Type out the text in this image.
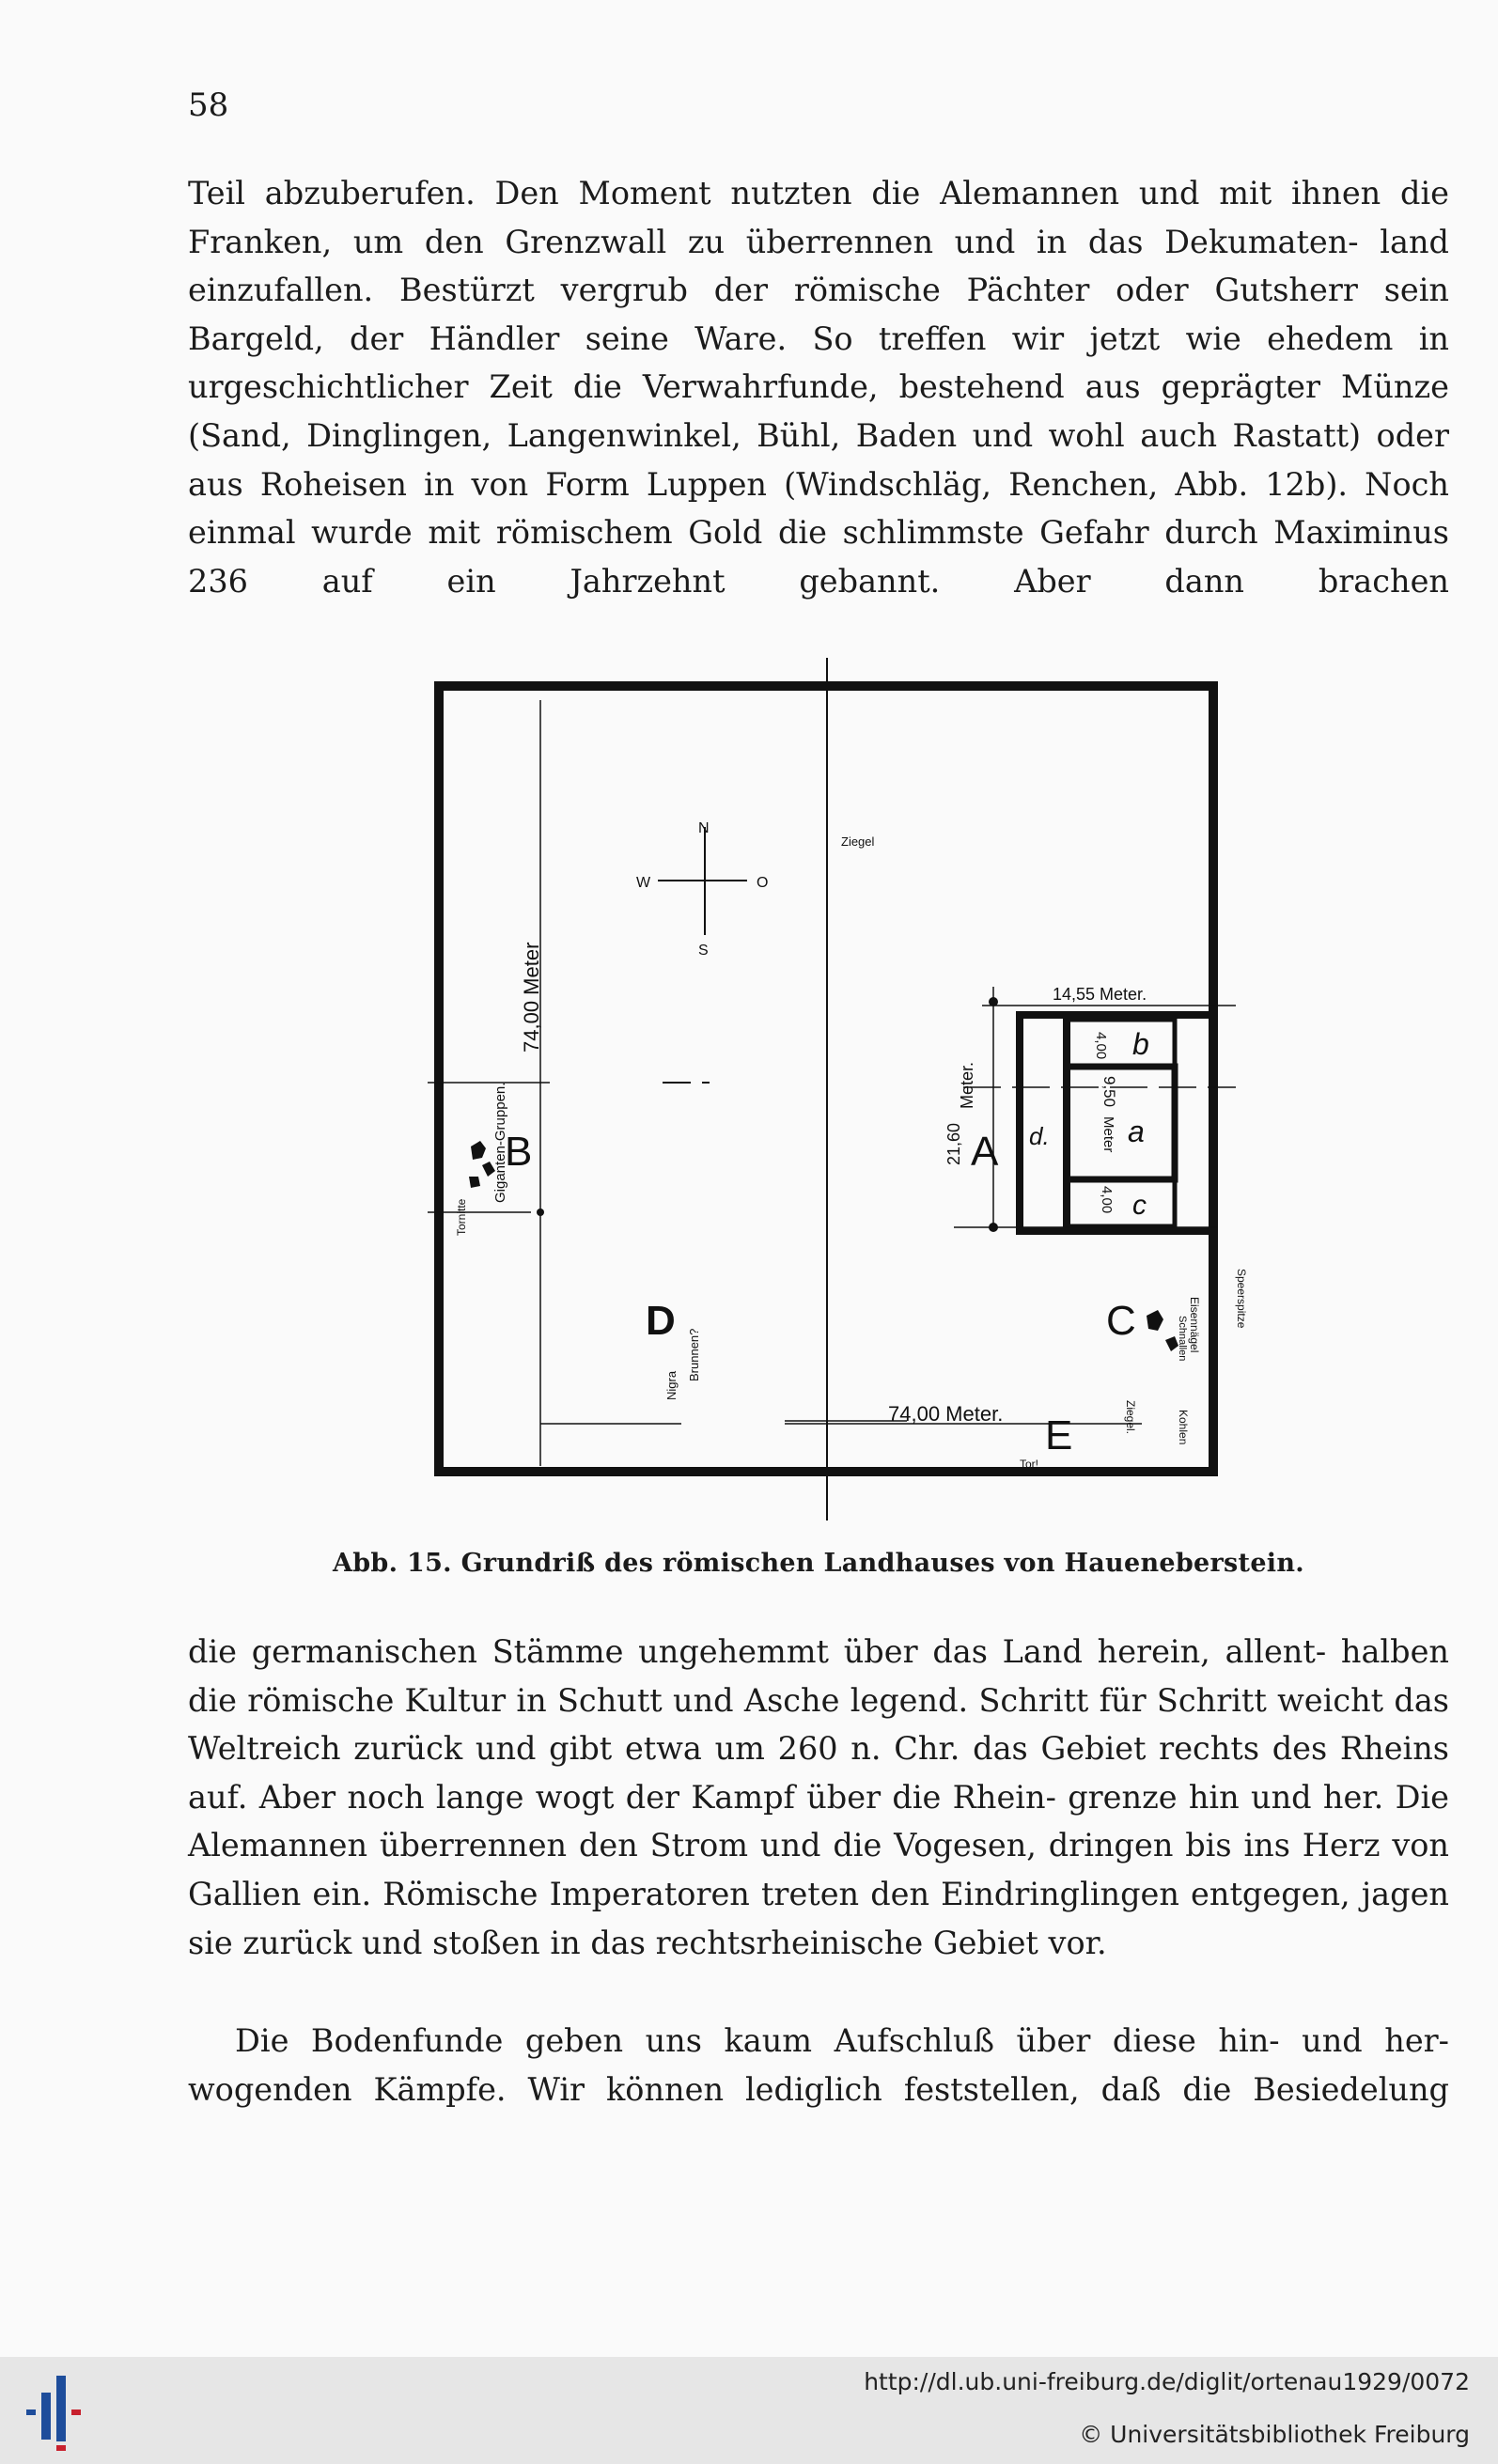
58

Teil abzuberufen. Den Moment nutzten die Alemannen und mit ihnen die Franken, um den Grenzwall zu überrennen und in das Dekumaten- land einzufallen. Bestürzt vergrub der römische Pächter oder Gutsherr sein Bargeld, der Händler seine Ware. So treffen wir jetzt wie ehedem in urgeschichtlicher Zeit die Verwahrfunde, bestehend aus geprägter Münze (Sand, Dinglingen, Langenwinkel, Bühl, Baden und wohl auch Rastatt) oder aus Roheisen in von Form Luppen (Windschläg, Renchen, Abb. 12b). Noch einmal wurde mit römischem Gold die schlimmste Gefahr durch Maximinus 236 auf ein Jahrzehnt gebannt. Aber dann brachen

A
B
C
D
E
b
a
c
d.
N
W	O
S
74,00 Meter
74,00 Meter.
14,55 Meter.
21,60
Meter.
4,00
9,50
Meter
4,00
Ziegel
Giganten-Gruppen.
Tornitte
Brunnen?
Nigra
Speerspitze
Eisennägel
Schnallen
Ziegel.	Kohlen
Tor!
Abb. 15. Grundriß des römischen Landhauses von Haueneberstein.

die germanischen Stämme ungehemmt über das Land herein, allent- halben die römische Kultur in Schutt und Asche legend. Schritt für Schritt weicht das Weltreich zurück und gibt etwa um 260 n. Chr. das Gebiet rechts des Rheins auf. Aber noch lange wogt der Kampf über die Rhein- grenze hin und her. Die Alemannen überrennen den Strom und die Vogesen, dringen bis ins Herz von Gallien ein. Römische Imperatoren treten den Eindringlingen entgegen, jagen sie zurück und stoßen in das rechtsrheinische Gebiet vor.

Die Bodenfunde geben uns kaum Aufschluß über diese hin- und her- wogenden Kämpfe. Wir können lediglich feststellen, daß die Besiedelung

http://dl.ub.uni-freiburg.de/diglit/ortenau1929/0072
© Universitätsbibliothek Freiburg
